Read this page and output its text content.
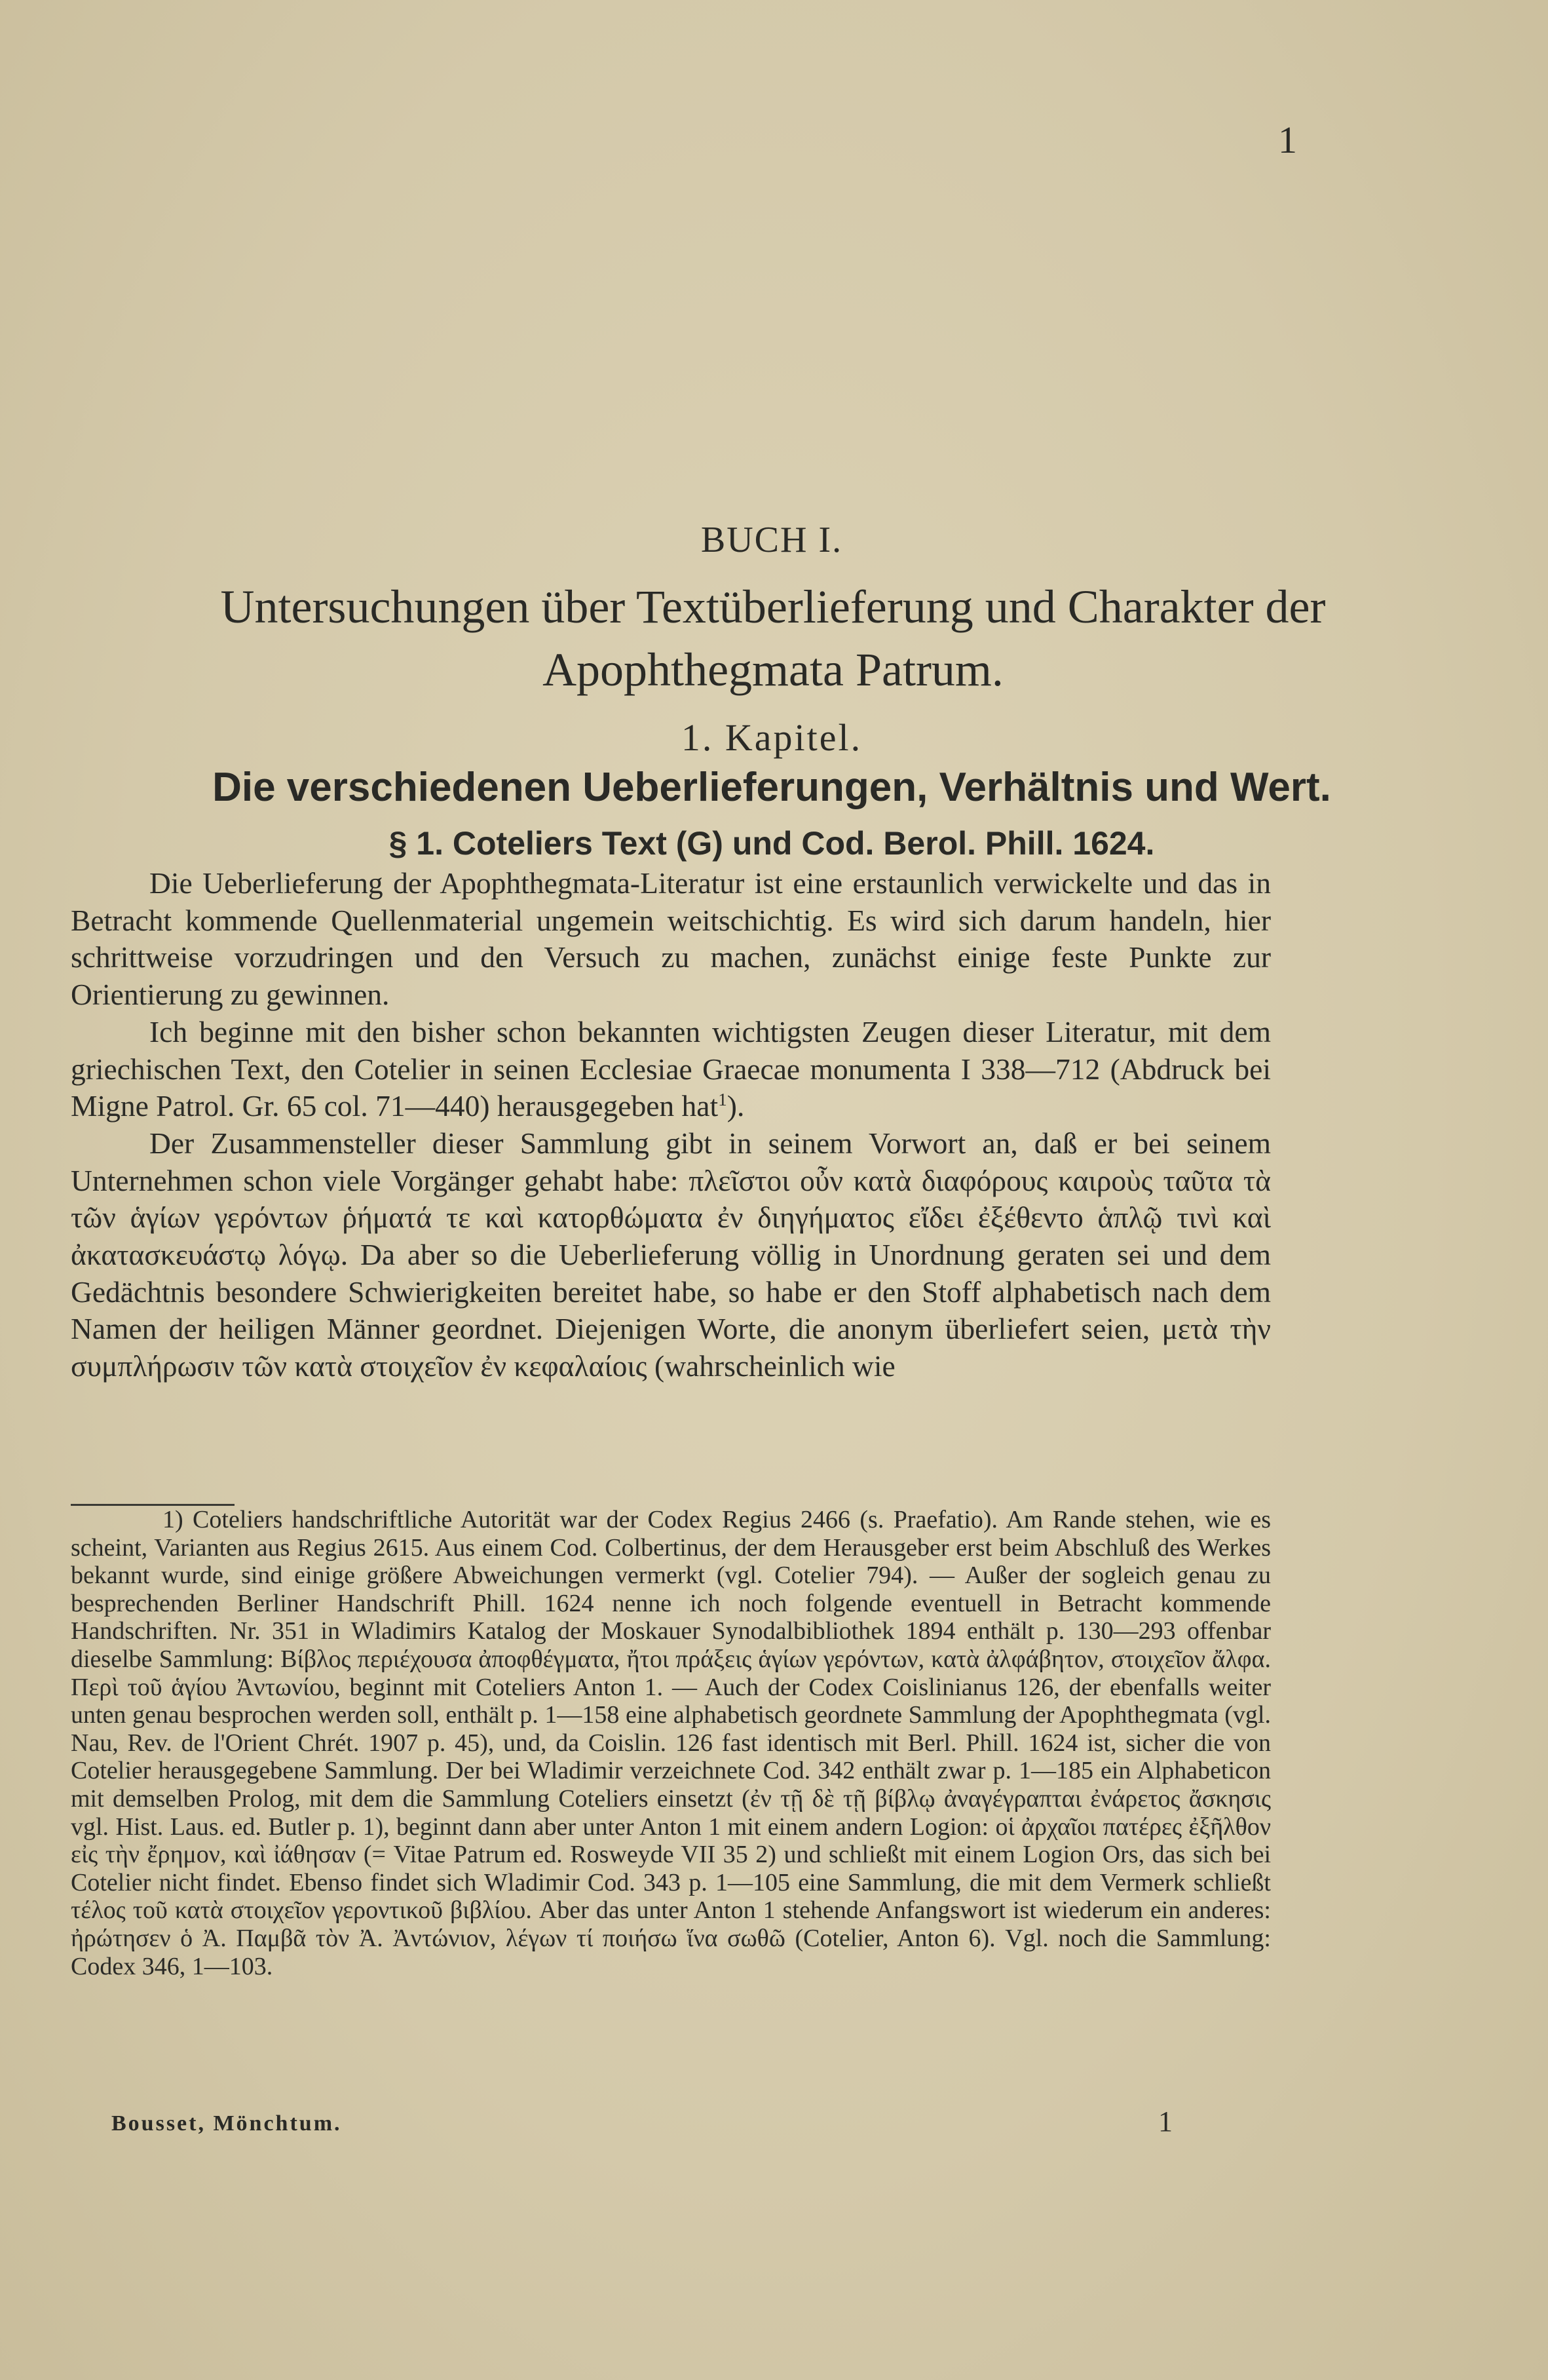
1
BUCH I.
Untersuchungen über Textüberlieferung und Charakter der Apophthegmata Patrum.
1. Kapitel.
Die verschiedenen Ueberlieferungen, Verhältnis und Wert.
§ 1. Coteliers Text (G) und Cod. Berol. Phill. 1624.

Die Ueberlieferung der Apophthegmata-Literatur ist eine erstaunlich verwickelte und das in Betracht kommende Quellenmaterial ungemein weitschichtig. Es wird sich darum handeln, hier schrittweise vorzudringen und den Versuch zu machen, zunächst einige feste Punkte zur Orientierung zu gewinnen.

Ich beginne mit den bisher schon bekannten wichtigsten Zeugen dieser Literatur, mit dem griechischen Text, den Cotelier in seinen Ecclesiae Graecae monumenta I 338—712 (Abdruck bei Migne Patrol. Gr. 65 col. 71—440) herausgegeben hat$^1$).

Der Zusammensteller dieser Sammlung gibt in seinem Vorwort an, daß er bei seinem Unternehmen schon viele Vorgänger gehabt habe: πλεῖστοι οὖν κατὰ διαφόρους καιροὺς ταῦτα τὰ τῶν ἁγίων γερόντων ῥήματά τε καὶ κατορθώματα ἐν διηγήματος εἴδει ἐξέθεντο ἁπλῷ τινὶ καὶ ἀκατασκευάστῳ λόγῳ. Da aber so die Ueberlieferung völlig in Unordnung geraten sei und dem Gedächtnis besondere Schwierigkeiten bereitet habe, so habe er den Stoff alphabetisch nach dem Namen der heiligen Männer geordnet. Diejenigen Worte, die anonym überliefert seien, μετὰ τὴν συμπλήρωσιν τῶν κατὰ στοιχεῖον ἐν κεφαλαίοις (wahrscheinlich wie

1) Coteliers handschriftliche Autorität war der Codex Regius 2466 (s. Praefatio). Am Rande stehen, wie es scheint, Varianten aus Regius 2615. Aus einem Cod. Colbertinus, der dem Herausgeber erst beim Abschluß des Werkes bekannt wurde, sind einige größere Abweichungen vermerkt (vgl. Cotelier 794). — Außer der sogleich genau zu besprechenden Berliner Handschrift Phill. 1624 nenne ich noch folgende eventuell in Betracht kommende Handschriften. Nr. 351 in Wladimirs Katalog der Moskauer Synodalbibliothek 1894 enthält p. 130—293 offenbar dieselbe Sammlung: Βίβλος περιέχουσα ἀποφθέγματα, ἤτοι πράξεις ἁγίων γερόντων, κατὰ ἀλφάβητον, στοιχεῖον ἄλφα. Περὶ τοῦ ἁγίου Ἀντωνίου, beginnt mit Coteliers Anton 1. — Auch der Codex Coislinianus 126, der ebenfalls weiter unten genau besprochen werden soll, enthält p. 1—158 eine alphabetisch geordnete Sammlung der Apophthegmata (vgl. Nau, Rev. de l'Orient Chrét. 1907 p. 45), und, da Coislin. 126 fast identisch mit Berl. Phill. 1624 ist, sicher die von Cotelier herausgegebene Sammlung. Der bei Wladimir verzeichnete Cod. 342 enthält zwar p. 1—185 ein Alphabeticon mit demselben Prolog, mit dem die Sammlung Coteliers einsetzt (ἐν τῇ δὲ τῇ βίβλῳ ἀναγέγραπται ἐνάρετος ἄσκησις vgl. Hist. Laus. ed. Butler p. 1), beginnt dann aber unter Anton 1 mit einem andern Logion: οἱ ἀρχαῖοι πατέρες ἐξῆλθον εἰς τὴν ἔρημον, καὶ ἰάθησαν (= Vitae Patrum ed. Rosweyde VII 35 2) und schließt mit einem Logion Ors, das sich bei Cotelier nicht findet. Ebenso findet sich Wladimir Cod. 343 p. 1—105 eine Sammlung, die mit dem Vermerk schließt τέλος τοῦ κατὰ στοιχεῖον γεροντικοῦ βιβλίου. Aber das unter Anton 1 stehende Anfangswort ist wiederum ein anderes: ἠρώτησεν ὁ Ἀ. Παμβᾶ τὸν Ἀ. Ἀντώνιον, λέγων τί ποιήσω ἵνα σωθῶ (Cotelier, Anton 6). Vgl. noch die Sammlung: Codex 346, 1—103.

Bousset, Mönchtum.	1
